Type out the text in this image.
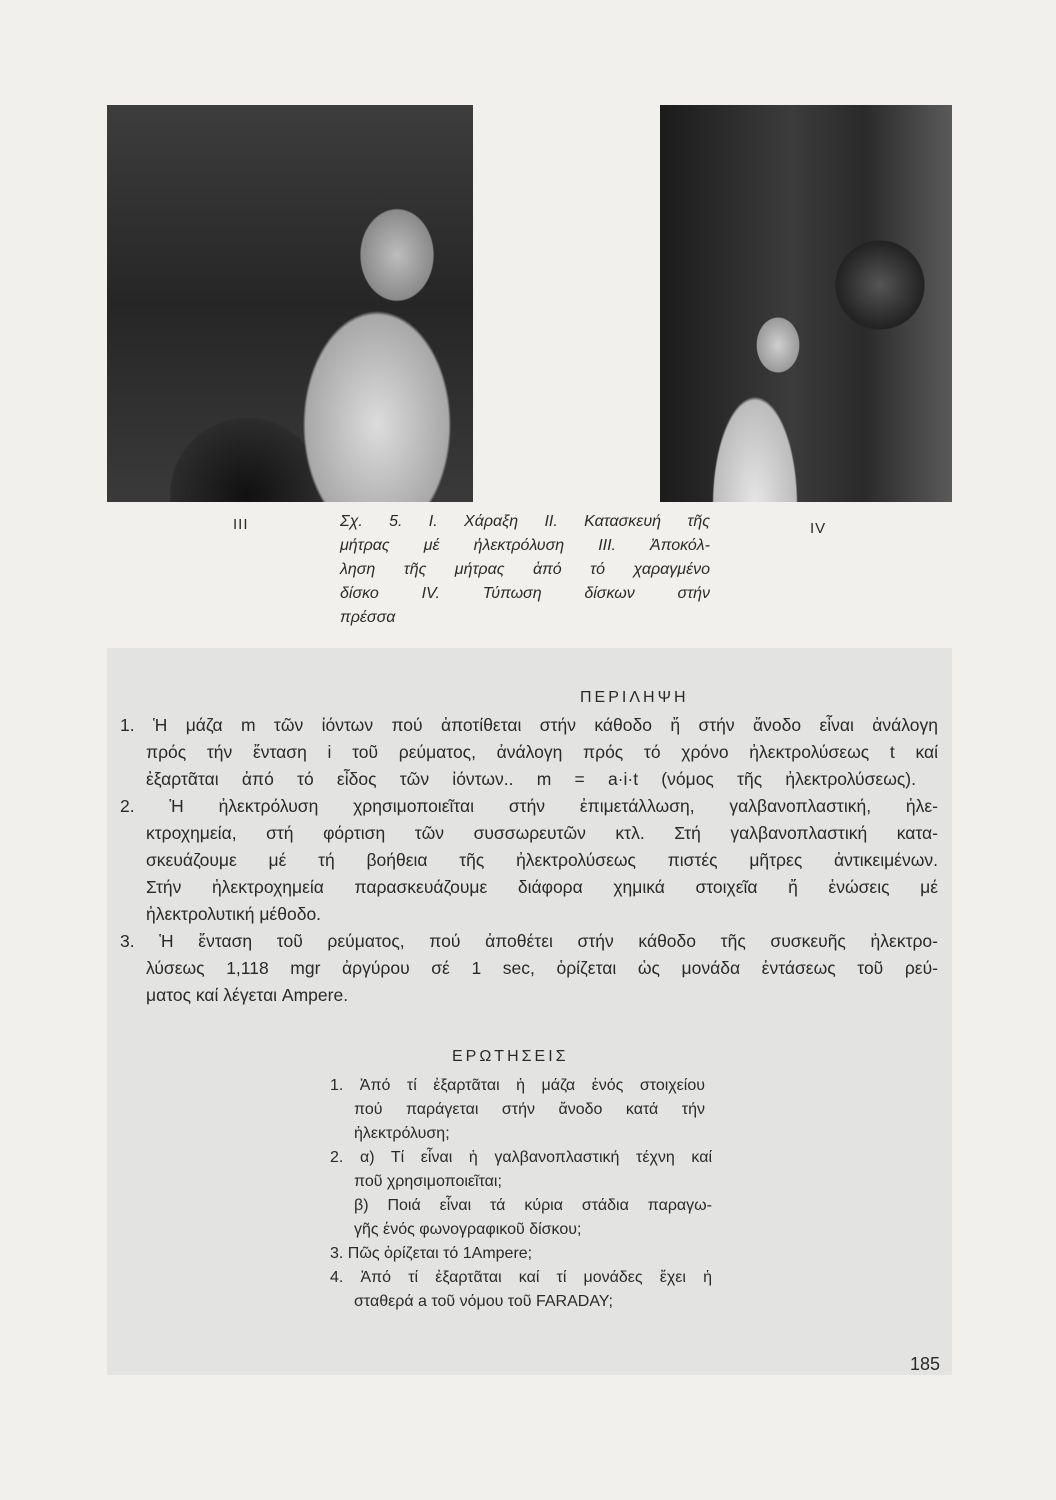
III	IV
Σχ. 5. I. Χάραξη II. Κατασκευή τῆς
μήτρας μέ ἠλεκτρόλυση III. Ἀποκόλ-
ληση τῆς μήτρας ἀπό τό χαραγμένο
δίσκο IV. Τύπωση δίσκων στήν
πρέσσα
ΠΕΡΙΛΗΨΗ
1. Ἡ μάζα m τῶν ἰόντων πού ἀποτίθεται στήν κάθοδο ἤ στήν ἄνοδο εἶναι ἀνάλογη
πρός τήν ἔνταση i τοῦ ρεύματος, ἀνάλογη πρός τό χρόνο ἠλεκτρολύσεως t καί
ἐξαρτᾶται ἀπό τό εἶδος τῶν ἰόντων.. m = a·i·t (νόμος τῆς ἠλεκτρολύσεως).
2. Ἡ ἠλεκτρόλυση χρησιμοποιεῖται στήν ἐπιμετάλλωση, γαλβανοπλαστική, ἠλε-
κτροχημεία, στή φόρτιση τῶν συσσωρευτῶν κτλ. Στή γαλβανοπλαστική κατα-
σκευάζουμε μέ τή βοήθεια τῆς ἠλεκτρολύσεως πιστές μῆτρες ἀντικειμένων.
Στήν ἠλεκτροχημεία παρασκευάζουμε διάφορα χημικά στοιχεῖα ἤ ἑνώσεις μέ
ἠλεκτρολυτική μέθοδο.
3. Ἡ ἔνταση τοῦ ρεύματος, πού ἀποθέτει στήν κάθοδο τῆς συσκευῆς ἠλεκτρο-
λύσεως 1,118 mgr ἀργύρου σέ 1 sec, ὁρίζεται ὡς μονάδα ἐντάσεως τοῦ ρεύ-
ματος καί λέγεται Ampere.
ΕΡΩΤΗΣΕΙΣ
1. Ἀπό τί ἐξαρτᾶται ἡ μάζα ἑνός στοιχείου
πού παράγεται στήν ἄνοδο κατά τήν
ἠλεκτρόλυση;
2. α) Τί εἶναι ἡ γαλβανοπλαστική τέχνη καί
ποῦ χρησιμοποιεῖται;
β) Ποιά εἶναι τά κύρια στάδια παραγω-
γῆς ἑνός φωνογραφικοῦ δίσκου;
3. Πῶς ὁρίζεται τό 1Ampere;
4. Ἀπό τί ἐξαρτᾶται καί τί μονάδες ἔχει ἡ
σταθερά a τοῦ νόμου τοῦ FARADAY;
185
